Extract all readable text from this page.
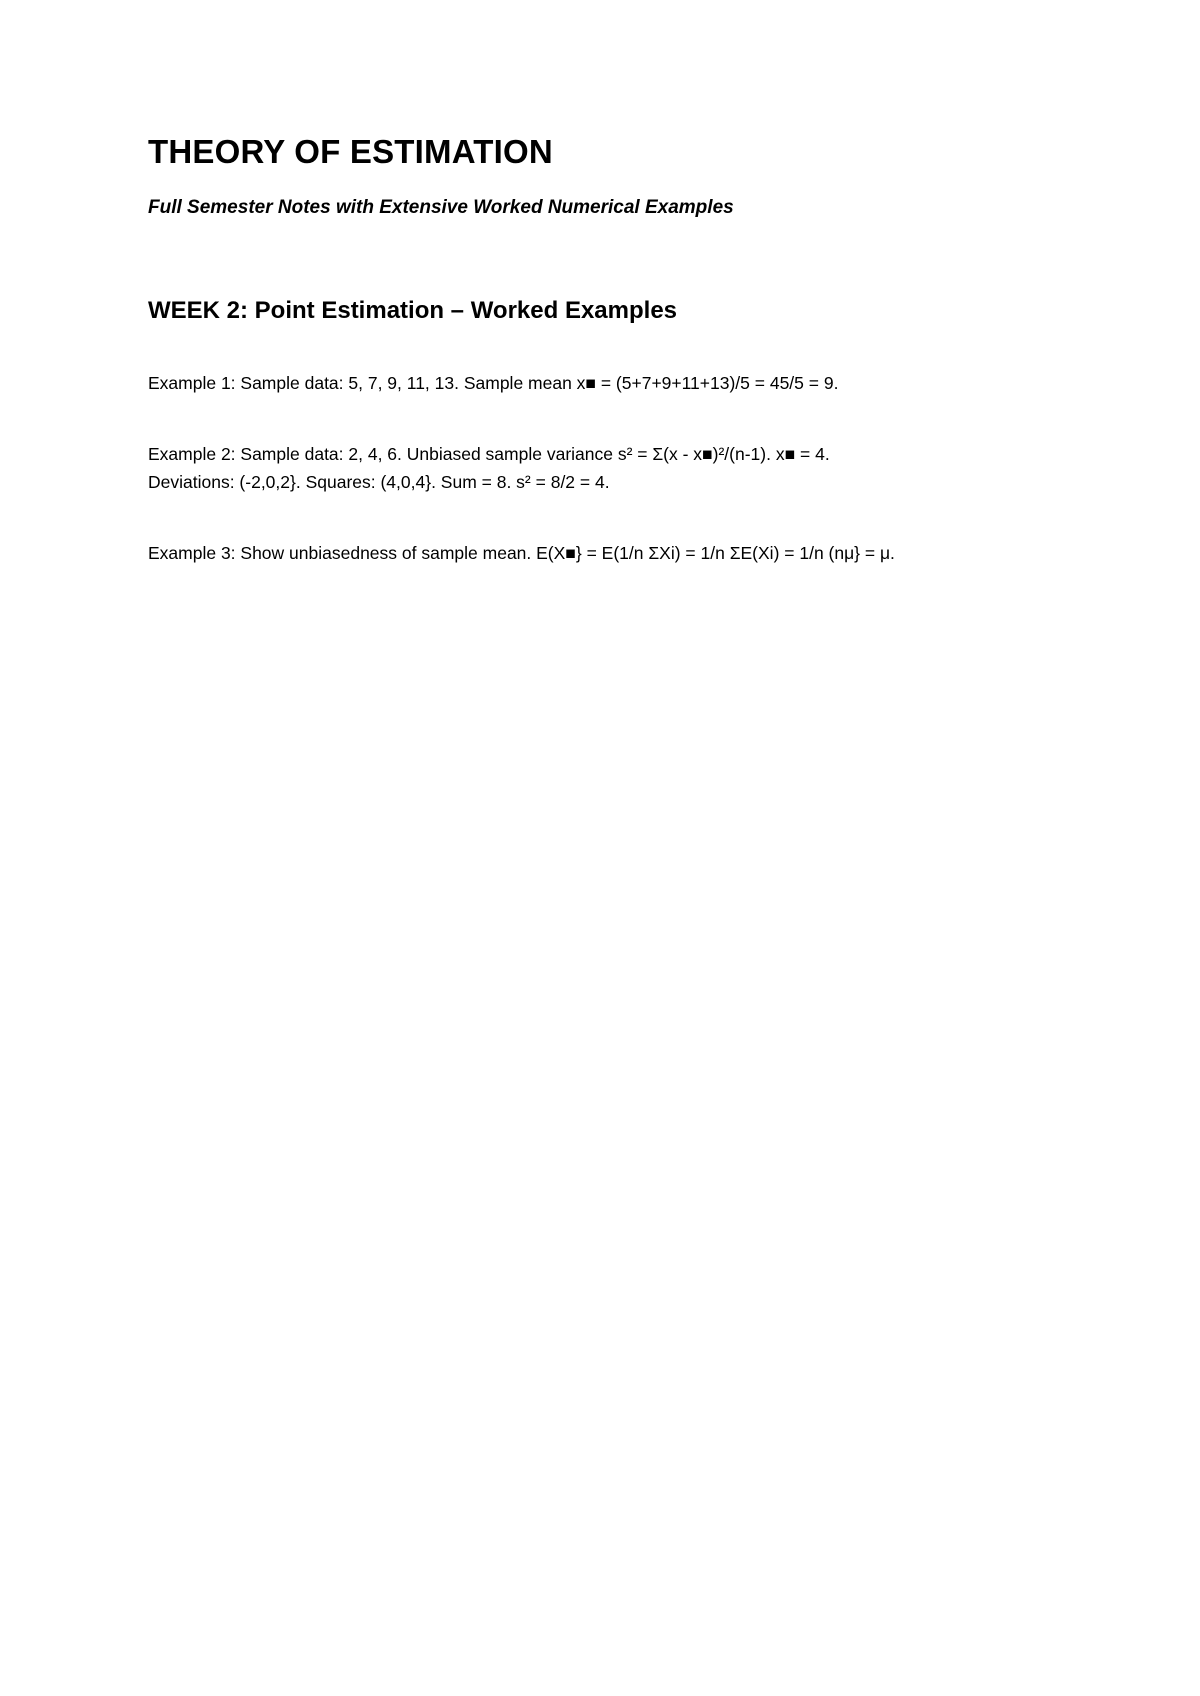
THEORY OF ESTIMATION
Full Semester Notes with Extensive Worked Numerical Examples
WEEK 2: Point Estimation – Worked Examples

Example 1: Sample data: 5, 7, 9, 11, 13. Sample mean x■ = (5+7+9+11+13)/5 = 45/5 = 9.

Example 2: Sample data: 2, 4, 6. Unbiased sample variance s² = Σ(x - x■)²/(n-1). x■ = 4.

Deviations: (-2,0,2}. Squares: (4,0,4}. Sum = 8. s² = 8/2 = 4.

Example 3: Show unbiasedness of sample mean. E(X■} = E(1/n ΣXi) = 1/n ΣE(Xi) = 1/n (nμ} = μ.
